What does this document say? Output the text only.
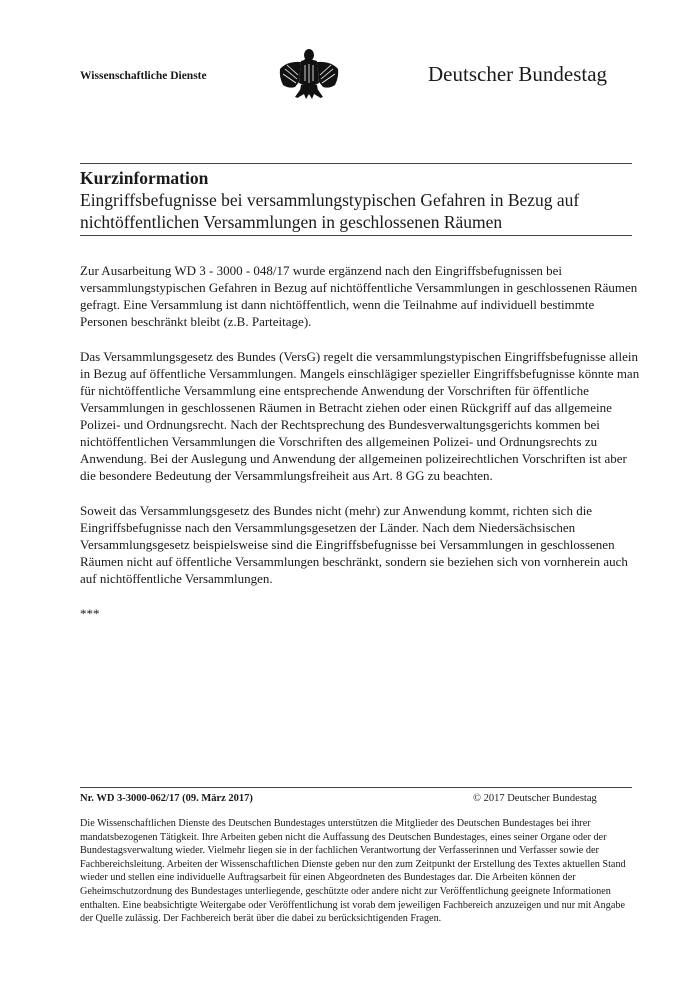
Wissenschaftliche Dienste	Deutscher Bundestag
Kurzinformation
Eingriffsbefugnisse bei versammlungstypischen Gefahren in Bezug auf
nichtöffentlichen Versammlungen in geschlossenen Räumen

Zur Ausarbeitung WD 3 - 3000 - 048/17 wurde ergänzend nach den Eingriffsbefugnissen bei versammlungstypischen Gefahren in Bezug auf nichtöffentliche Versammlungen in geschlossenen Räumen gefragt. Eine Versammlung ist dann nichtöffentlich, wenn die Teilnahme auf individuell bestimmte Personen beschränkt bleibt (z.B. Parteitage).

Das Versammlungsgesetz des Bundes (VersG) regelt die versammlungstypischen Eingriffsbefugnisse allein in Bezug auf öffentliche Versammlungen. Mangels einschlägiger spezieller Eingriffsbefugnisse könnte man für nichtöffentliche Versammlung eine entsprechende Anwendung der Vorschriften für öffentliche Versammlungen in geschlossenen Räumen in Betracht ziehen oder einen Rückgriff auf das allgemeine Polizei- und Ordnungsrecht. Nach der Rechtsprechung des Bundesverwaltungsgerichts kommen bei nichtöffentlichen Versammlungen die Vorschriften des allgemeinen Polizei- und Ordnungsrechts zu Anwendung. Bei der Auslegung und Anwendung der allgemeinen polizeirechtlichen Vorschriften ist aber die besondere Bedeutung der Versammlungsfreiheit aus Art. 8 GG zu beachten.

Soweit das Versammlungsgesetz des Bundes nicht (mehr) zur Anwendung kommt, richten sich die Eingriffsbefugnisse nach den Versammlungsgesetzen der Länder. Nach dem Niedersächsischen Versammlungsgesetz beispielsweise sind die Eingriffsbefugnisse bei Versammlungen in geschlossenen Räumen nicht auf öffentliche Versammlungen beschränkt, sondern sie beziehen sich von vornherein auch auf nichtöffentliche Versammlungen.

***
Nr. WD 3-3000-062/17 (09. März 2017)	© 2017 Deutscher Bundestag
Die Wissenschaftlichen Dienste des Deutschen Bundestages unterstützen die Mitglieder des Deutschen Bundestages bei ihrer mandatsbezogenen Tätigkeit. Ihre Arbeiten geben nicht die Auffassung des Deutschen Bundestages, eines seiner Organe oder der Bundestagsverwaltung wieder. Vielmehr liegen sie in der fachlichen Verantwortung der Verfasserinnen und Verfasser sowie der Fachbereichsleitung. Arbeiten der Wissenschaftlichen Dienste geben nur den zum Zeitpunkt der Erstellung des Textes aktuellen Stand wieder und stellen eine individuelle Auftragsarbeit für einen Abgeordneten des Bundestages dar. Die Arbeiten können der Geheimschutzordnung des Bundestages unterliegende, geschützte oder andere nicht zur Veröffentlichung geeignete Informationen enthalten. Eine beabsichtigte Weitergabe oder Veröffentlichung ist vorab dem jeweiligen Fachbereich anzuzeigen und nur mit Angabe der Quelle zulässig. Der Fachbereich berät über die dabei zu berücksichtigenden Fragen.
